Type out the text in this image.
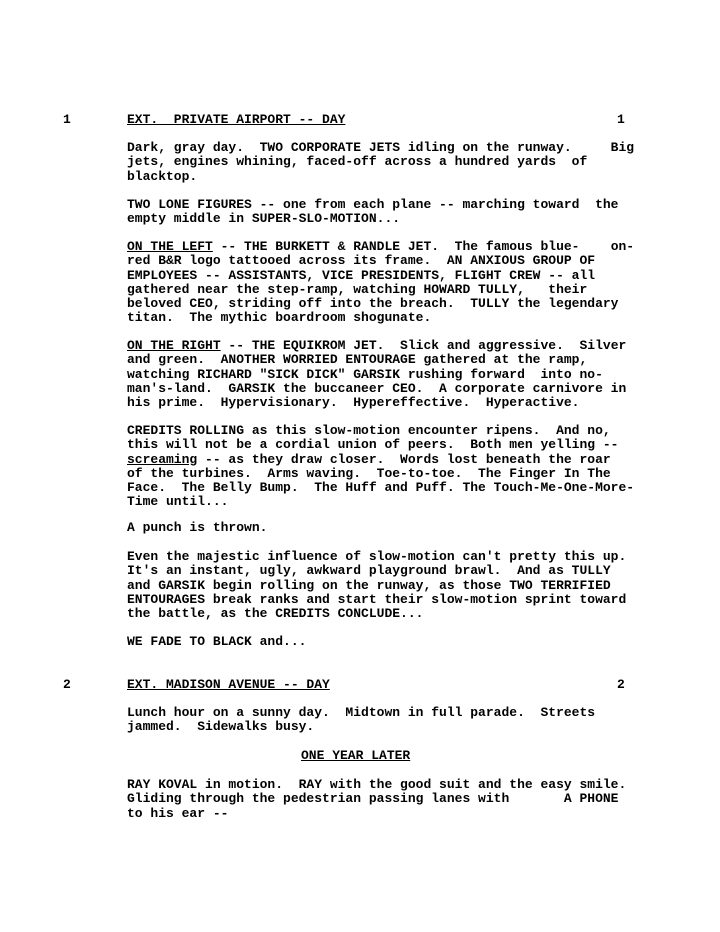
1	EXT.  PRIVATE AIRPORT -- DAY	1
Dark, gray day.  TWO CORPORATE JETS idling on the runway.     Big
jets, engines whining, faced-off across a hundred yards  of
blacktop.
TWO LONE FIGURES -- one from each plane -- marching toward  the
empty middle in SUPER-SLO-MOTION...
ON THE LEFT -- THE BURKETT & RANDLE JET.  The famous blue-    on-
red B&R logo tattooed across its frame.  AN ANXIOUS GROUP OF
EMPLOYEES -- ASSISTANTS, VICE PRESIDENTS, FLIGHT CREW -- all
gathered near the step-ramp, watching HOWARD TULLY,   their
beloved CEO, striding off into the breach.  TULLY the legendary
titan.  The mythic boardroom shogunate.
ON THE RIGHT -- THE EQUIKROM JET.  Slick and aggressive.  Silver
and green.  ANOTHER WORRIED ENTOURAGE gathered at the ramp,
watching RICHARD "SICK DICK" GARSIK rushing forward  into no-
man's-land.  GARSIK the buccaneer CEO.  A corporate carnivore in
his prime.  Hypervisionary.  Hypereffective.  Hyperactive.
CREDITS ROLLING as this slow-motion encounter ripens.  And no,
this will not be a cordial union of peers.  Both men yelling --
screaming -- as they draw closer.  Words lost beneath the roar
of the turbines.  Arms waving.  Toe-to-toe.  The Finger In The
Face.  The Belly Bump.  The Huff and Puff. The Touch-Me-One-More-
Time until...
A punch is thrown.
Even the majestic influence of slow-motion can't pretty this up.
It's an instant, ugly, awkward playground brawl.  And as TULLY
and GARSIK begin rolling on the runway, as those TWO TERRIFIED
ENTOURAGES break ranks and start their slow-motion sprint toward
the battle, as the CREDITS CONCLUDE...
WE FADE TO BLACK and...
2	EXT. MADISON AVENUE -- DAY	2
Lunch hour on a sunny day.  Midtown in full parade.  Streets
jammed.  Sidewalks busy.
ONE YEAR LATER
RAY KOVAL in motion.  RAY with the good suit and the easy smile.
Gliding through the pedestrian passing lanes with       A PHONE
to his ear --
